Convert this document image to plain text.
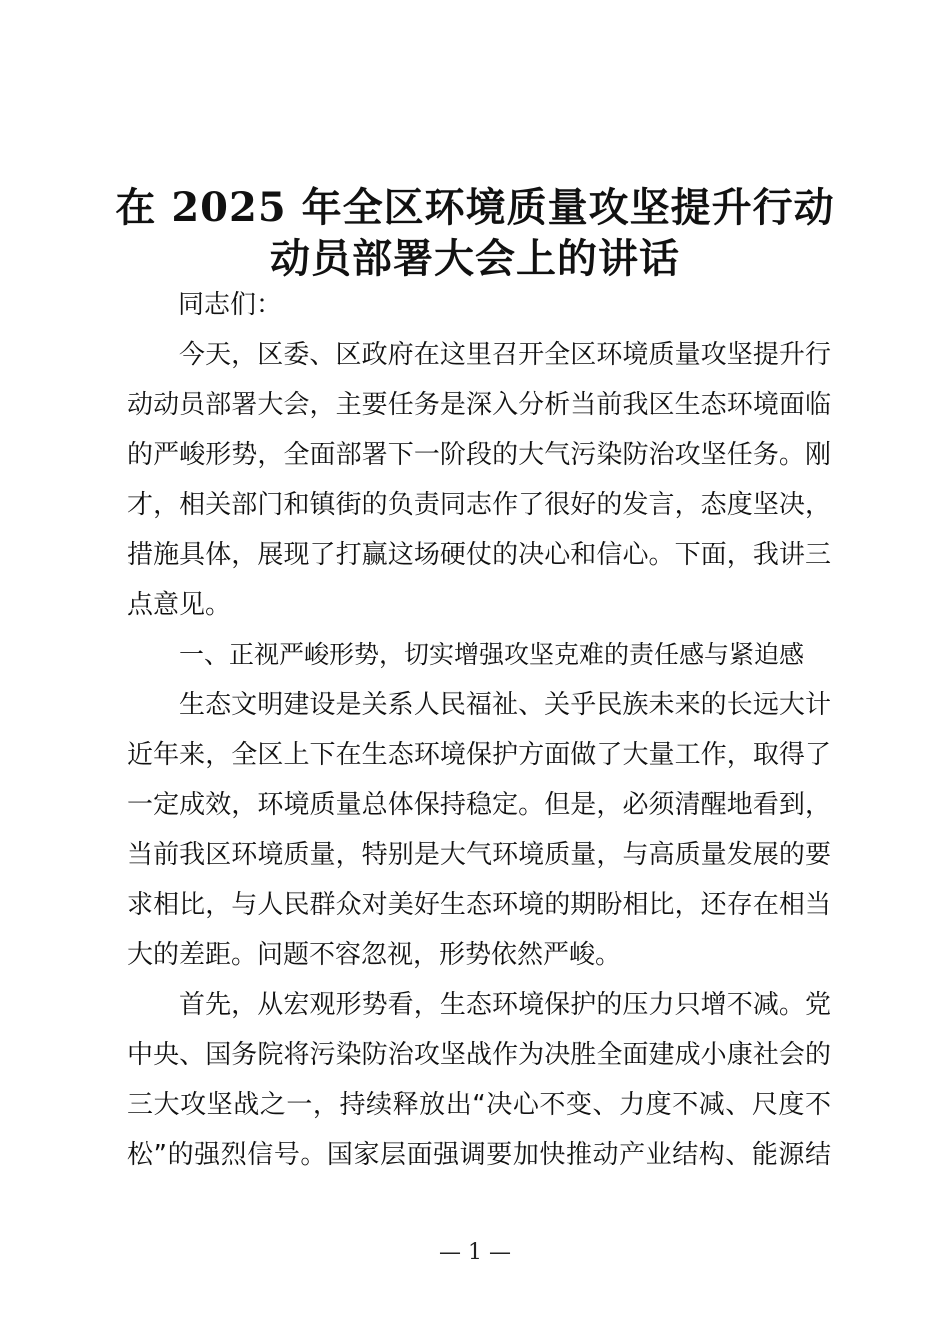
在 2025 年全区环境质量攻坚提升行动
动员部署大会上的讲话
同志们：
今天，区委、区政府在这里召开全区环境质量攻坚提升行
动动员部署大会，主要任务是深入分析当前我区生态环境面临
的严峻形势，全面部署下一阶段的大气污染防治攻坚任务。刚
才，相关部门和镇街的负责同志作了很好的发言，态度坚决，
措施具体，展现了打赢这场硬仗的决心和信心。下面，我讲三
点意见。
一、正视严峻形势，切实增强攻坚克难的责任感与紧迫感
生态文明建设是关系人民福祉、关乎民族未来的长远大计
近年来，全区上下在生态环境保护方面做了大量工作，取得了
一定成效，环境质量总体保持稳定。但是，必须清醒地看到，
当前我区环境质量，特别是大气环境质量，与高质量发展的要
求相比，与人民群众对美好生态环境的期盼相比，还存在相当
大的差距。问题不容忽视，形势依然严峻。
首先，从宏观形势看，生态环境保护的压力只增不减。党
中央、国务院将污染防治攻坚战作为决胜全面建成小康社会的
三大攻坚战之一，持续释放出“决心不变、力度不减、尺度不
松”的强烈信号。国家层面强调要加快推动产业结构、能源结
— 1 —
